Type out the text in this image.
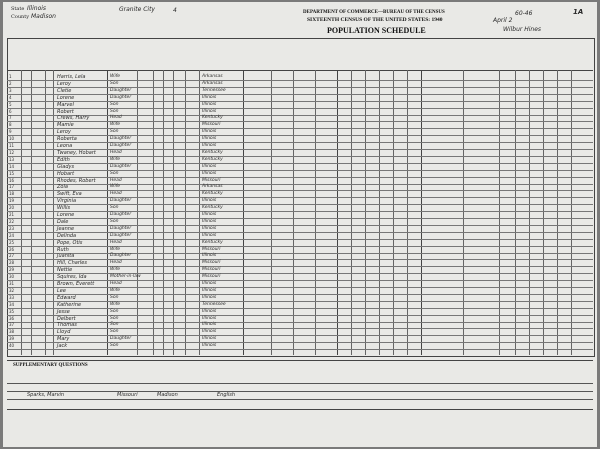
State Illinois
County Madison
Granite City	4	DEPARTMENT OF COMMERCE—BUREAU OF THE CENSUS
SIXTEENTH CENSUS OF THE UNITED STATES: 1940
POPULATION SCHEDULE
60-46	1A
April 2
Wilbur Hines
1	Harris, Lela	Wife	Arkansas
2	Leroy	Son	Arkansas
3	Cletie	Daughter	Tennessee
4	Lorene	Daughter	Illinois
5	Marvel	Son	Illinois
6	Robert	Son	Illinois
7	Crews, Harry	Head	Kentucky
8	Mamie	Wife	Missouri
9	Leroy	Son	Illinois
10	Roberta	Daughter	Illinois
11	Leona	Daughter	Illinois
12	Twaney, Hobart	Head	Kentucky
13	Edith	Wife	Kentucky
14	Gladys	Daughter	Illinois
15	Hobart	Son	Illinois
16	Rhodes, Robert	Head	Missouri
17	Zola	Wife	Arkansas
18	Swift, Eva	Head	Kentucky
19	Virginia	Daughter	Illinois
20	Willis	Son	Kentucky
21	Lorene	Daughter	Illinois
22	Dale	Son	Illinois
23	Jeanne	Daughter	Illinois
24	Delinda	Daughter	Illinois
25	Pope, Otis	Head	Kentucky
26	Ruth	Wife	Missouri
27	Juanita	Daughter	Illinois
28	Hill, Charles	Head	Missouri
29	Nettie	Wife	Missouri
30	Squires, Ida	Mother-in-law	Missouri
31	Brown, Everett	Head	Illinois
32	Lee	Wife	Illinois
33	Edward	Son	Illinois
34	Katherine	Wife	Tennessee
35	Jesse	Son	Illinois
36	Delbert	Son	Illinois
37	Thomas	Son	Illinois
38	Lloyd	Son	Illinois
39	Mary	Daughter	Illinois
40	Jack	Son	Illinois
SUPPLEMENTARY QUESTIONS
Sparks, Marvin	Missouri	Madison	English
